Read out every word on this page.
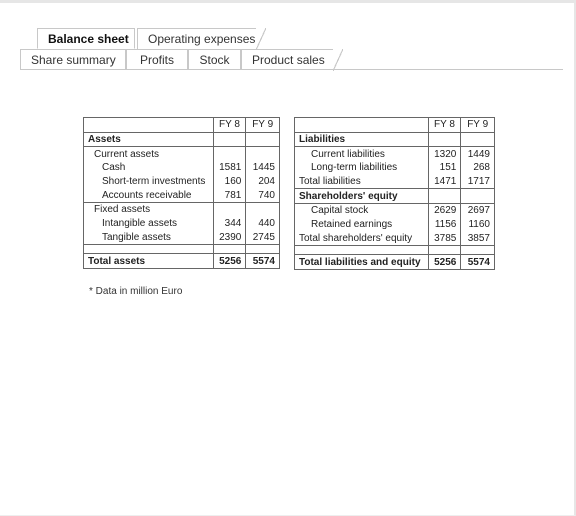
Balance sheet	Operating expenses
Share summary	Profits	Stock	Product sales
	FY 8	FY 9
Assets		
Current assets		
Cash	1581	1445
Short-term investments	160	204
Accounts receivable	781	740
Fixed assets		
Intangible assets	344	440
Tangible assets	2390	2745

Total assets	5256	5574
	FY 8	FY 9
Liabilities		
Current liabilities	1320	1449
Long-term liabilities	151	268
Total liabilities	1471	1717
Shareholders' equity		
Capital stock	2629	2697
Retained earnings	1156	1160
Total shareholders' equity	3785	3857

Total liabilities and equity	5256	5574
* Data in million Euro
